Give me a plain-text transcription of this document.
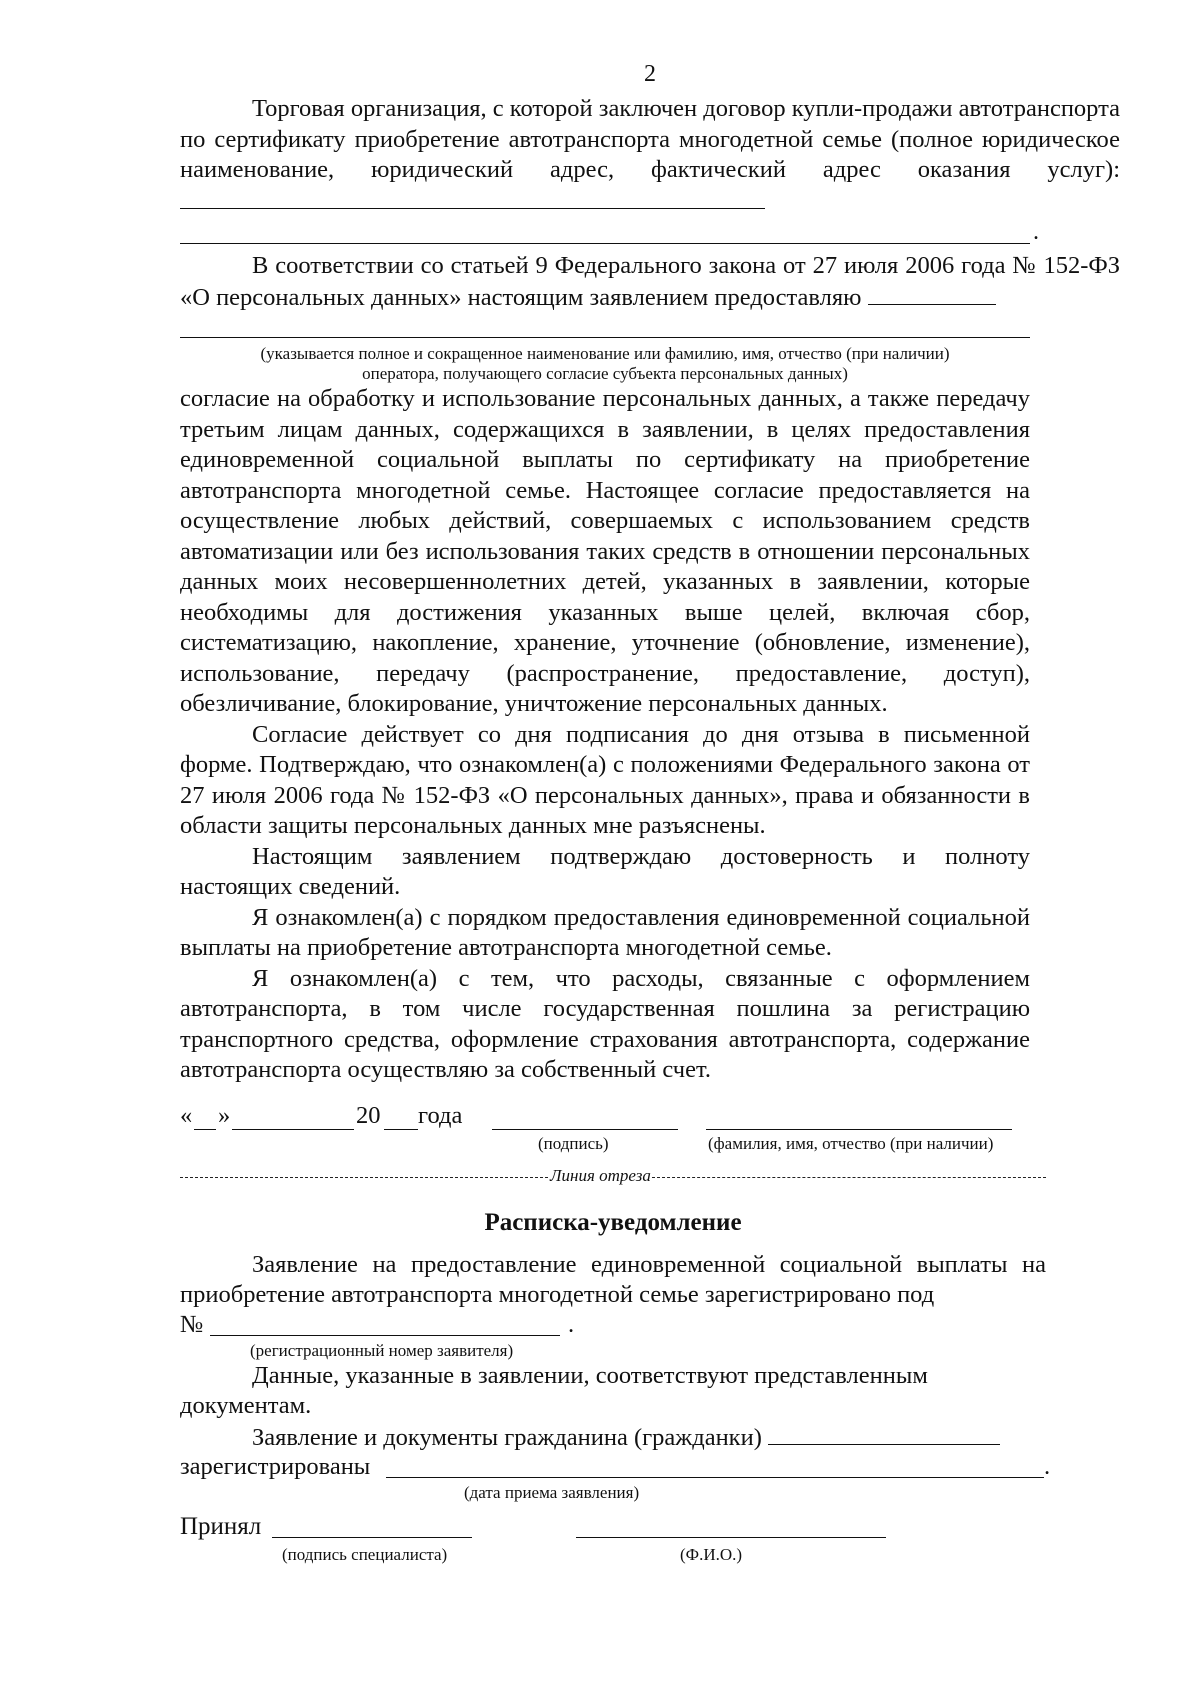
2

Торговая организация, с которой заключен договор купли-продажи автотранспорта по сертификату приобретение автотранспорта многодетной семье (полное юридическое наименование, юридический адрес, фактический адрес оказания услуг):

.

В соответствии со статьей 9 Федерального закона от 27 июля 2006 года № 152-ФЗ «О персональных данных» настоящим заявлением предоставляю

(указывается полное и сокращенное наименование или фамилию, имя, отчество (при наличии)

оператора, получающего согласие субъекта персональных данных)

согласие на обработку и использование персональных данных, а также передачу третьим лицам данных, содержащихся в заявлении, в целях предоставления единовременной социальной выплаты по сертификату на приобретение автотранспорта многодетной семье. Настоящее согласие предоставляется на осуществление любых действий, совершаемых с использованием средств автоматизации или без использования таких средств в отношении персональных данных моих несовершеннолетних детей, указанных в заявлении, которые необходимы для достижения указанных выше целей, включая сбор, систематизацию, накопление, хранение, уточнение (обновление, изменение), использование, передачу (распространение, предоставление, доступ), обезличивание, блокирование, уничтожение персональных данных.

Согласие действует со дня подписания до дня отзыва в письменной форме. Подтверждаю, что ознакомлен(а) с положениями Федерального закона от 27 июля 2006 года № 152-ФЗ «О персональных данных», права и обязанности в области защиты персональных данных мне разъяснены.

Настоящим заявлением подтверждаю достоверность и полноту настоящих сведений.

Я ознакомлен(а) с порядком предоставления единовременной социальной выплаты на приобретение автотранспорта многодетной семье.

Я ознакомлен(а) с тем, что расходы, связанные с оформлением автотранспорта, в том числе государственная пошлина за регистрацию транспортного средства, оформление страхования автотранспорта, содержание автотранспорта осуществляю за собственный счет.

« »	20 года
(подпись)	(фамилия, имя, отчество (при наличии)
Линия отреза
Расписка-уведомление

Заявление на предоставление единовременной социальной выплаты на приобретение автотранспорта многодетной семье зарегистрировано под

№	.

(регистрационный номер заявителя)

Данные, указанные в заявлении, соответствуют представленным документам.

Заявление и документы гражданина (гражданки)

зарегистрированы	.

(дата приема заявления)

Принял
(подпись специалиста)	(Ф.И.О.)
